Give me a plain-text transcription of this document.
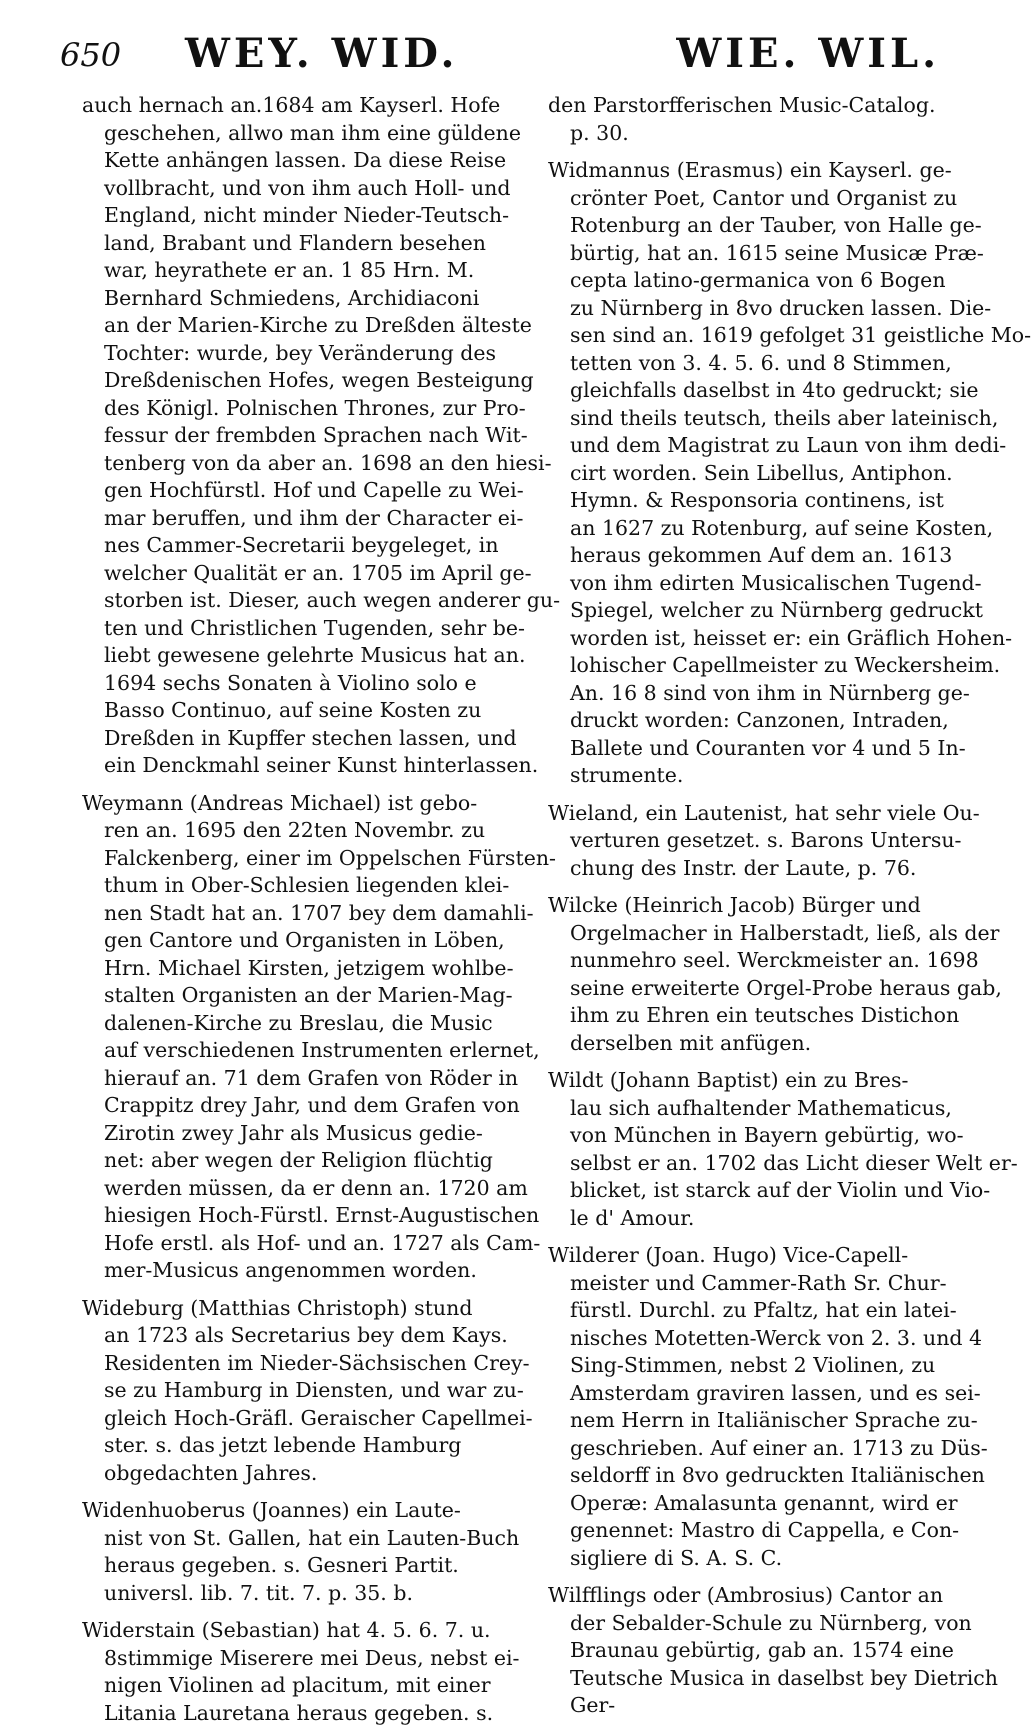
650 WEY. WID.	WIE. WIL.
auch hernach an.1684 am Kayserl. Hofe
geschehen, allwo man ihm eine güldene
Kette anhängen lassen. Da diese Reise
vollbracht, und von ihm auch Holl- und
England, nicht minder Nieder-Teutsch-
land, Brabant und Flandern besehen
war, heyrathete er an. 1 85 Hrn. M.
Bernhard Schmiedens, Archidiaconi
an der Marien-Kirche zu Dreßden älteste
Tochter: wurde, bey Veränderung des
Dreßdenischen Hofes, wegen Besteigung
des Königl. Polnischen Thrones, zur Pro-
fessur der frembden Sprachen nach Wit-
tenberg von da aber an. 1698 an den hiesi-
gen Hochfürstl. Hof und Capelle zu Wei-
mar beruffen, und ihm der Character ei-
nes Cammer-Secretarii beygeleget, in
welcher Qualität er an. 1705 im April ge-
storben ist. Dieser, auch wegen anderer gu-
ten und Christlichen Tugenden, sehr be-
liebt gewesene gelehrte Musicus hat an.
1694 sechs Sonaten à Violino solo e
Basso Continuo, auf seine Kosten zu
Dreßden in Kupffer stechen lassen, und
ein Denckmahl seiner Kunst hinterlassen.
Weymann (Andreas Michael) ist gebo-
ren an. 1695 den 22ten Novembr. zu
Falckenberg, einer im Oppelschen Fürsten-
thum in Ober-Schlesien liegenden klei-
nen Stadt hat an. 1707 bey dem damahli-
gen Cantore und Organisten in Löben,
Hrn. Michael Kirsten, jetzigem wohlbe-
stalten Organisten an der Marien-Mag-
dalenen-Kirche zu Breslau, die Music
auf verschiedenen Instrumenten erlernet,
hierauf an. 71 dem Grafen von Röder in
Crappitz drey Jahr, und dem Grafen von
Zirotin zwey Jahr als Musicus gedie-
net: aber wegen der Religion flüchtig
werden müssen, da er denn an. 1720 am
hiesigen Hoch-Fürstl. Ernst-Augustischen
Hofe erstl. als Hof- und an. 1727 als Cam-
mer-Musicus angenommen worden.
Wideburg (Matthias Christoph) stund
an 1723 als Secretarius bey dem Kays.
Residenten im Nieder-Sächsischen Crey-
se zu Hamburg in Diensten, und war zu-
gleich Hoch-Gräfl. Geraischer Capellmei-
ster. s. das jetzt lebende Hamburg
obgedachten Jahres.
Widenhuoberus (Joannes) ein Laute-
nist von St. Gallen, hat ein Lauten-Buch
heraus gegeben. s. Gesneri Partit.
universl. lib. 7. tit. 7. p. 35. b.
Widerstain (Sebastian) hat 4. 5. 6. 7. u.
8stimmige Miserere mei Deus, nebst ei-
nigen Violinen ad placitum, mit einer
Litania Lauretana heraus gegeben. s.
den Parstorfferischen Music-Catalog.
p. 30.
Widmannus (Erasmus) ein Kayserl. ge-
crönter Poet, Cantor und Organist zu
Rotenburg an der Tauber, von Halle ge-
bürtig, hat an. 1615 seine Musicæ Præ-
cepta latino-germanica von 6 Bogen
zu Nürnberg in 8vo drucken lassen. Die-
sen sind an. 1619 gefolget 31 geistliche Mo-
tetten von 3. 4. 5. 6. und 8 Stimmen,
gleichfalls daselbst in 4to gedruckt; sie
sind theils teutsch, theils aber lateinisch,
und dem Magistrat zu Laun von ihm dedi-
cirt worden. Sein Libellus, Antiphon.
Hymn. & Responsoria continens, ist
an 1627 zu Rotenburg, auf seine Kosten,
heraus gekommen Auf dem an. 1613
von ihm edirten Musicalischen Tugend-
Spiegel, welcher zu Nürnberg gedruckt
worden ist, heisset er: ein Gräflich Hohen-
lohischer Capellmeister zu Weckersheim.
An. 16 8 sind von ihm in Nürnberg ge-
druckt worden: Canzonen, Intraden,
Ballete und Couranten vor 4 und 5 In-
strumente.
Wieland, ein Lautenist, hat sehr viele Ou-
verturen gesetzet. s. Barons Untersu-
chung des Instr. der Laute, p. 76.
Wilcke (Heinrich Jacob) Bürger und
Orgelmacher in Halberstadt, ließ, als der
nunmehro seel. Werckmeister an. 1698
seine erweiterte Orgel-Probe heraus gab,
ihm zu Ehren ein teutsches Distichon
derselben mit anfügen.
Wildt (Johann Baptist) ein zu Bres-
lau sich aufhaltender Mathematicus,
von München in Bayern gebürtig, wo-
selbst er an. 1702 das Licht dieser Welt er-
blicket, ist starck auf der Violin und Vio-
le d' Amour.
Wilderer (Joan. Hugo) Vice-Capell-
meister und Cammer-Rath Sr. Chur-
fürstl. Durchl. zu Pfaltz, hat ein latei-
nisches Motetten-Werck von 2. 3. und 4
Sing-Stimmen, nebst 2 Violinen, zu
Amsterdam graviren lassen, und es sei-
nem Herrn in Italiänischer Sprache zu-
geschrieben. Auf einer an. 1713 zu Düs-
seldorff in 8vo gedruckten Italiänischen
Operæ: Amalasunta genannt, wird er
genennet: Mastro di Cappella, e Con-
sigliere di S. A. S. C.
Wilfflings oder (Ambrosius) Cantor an
der Sebalder-Schule zu Nürnberg, von
Braunau gebürtig, gab an. 1574 eine
Teutsche Musica in daselbst bey Dietrich
Ger-
